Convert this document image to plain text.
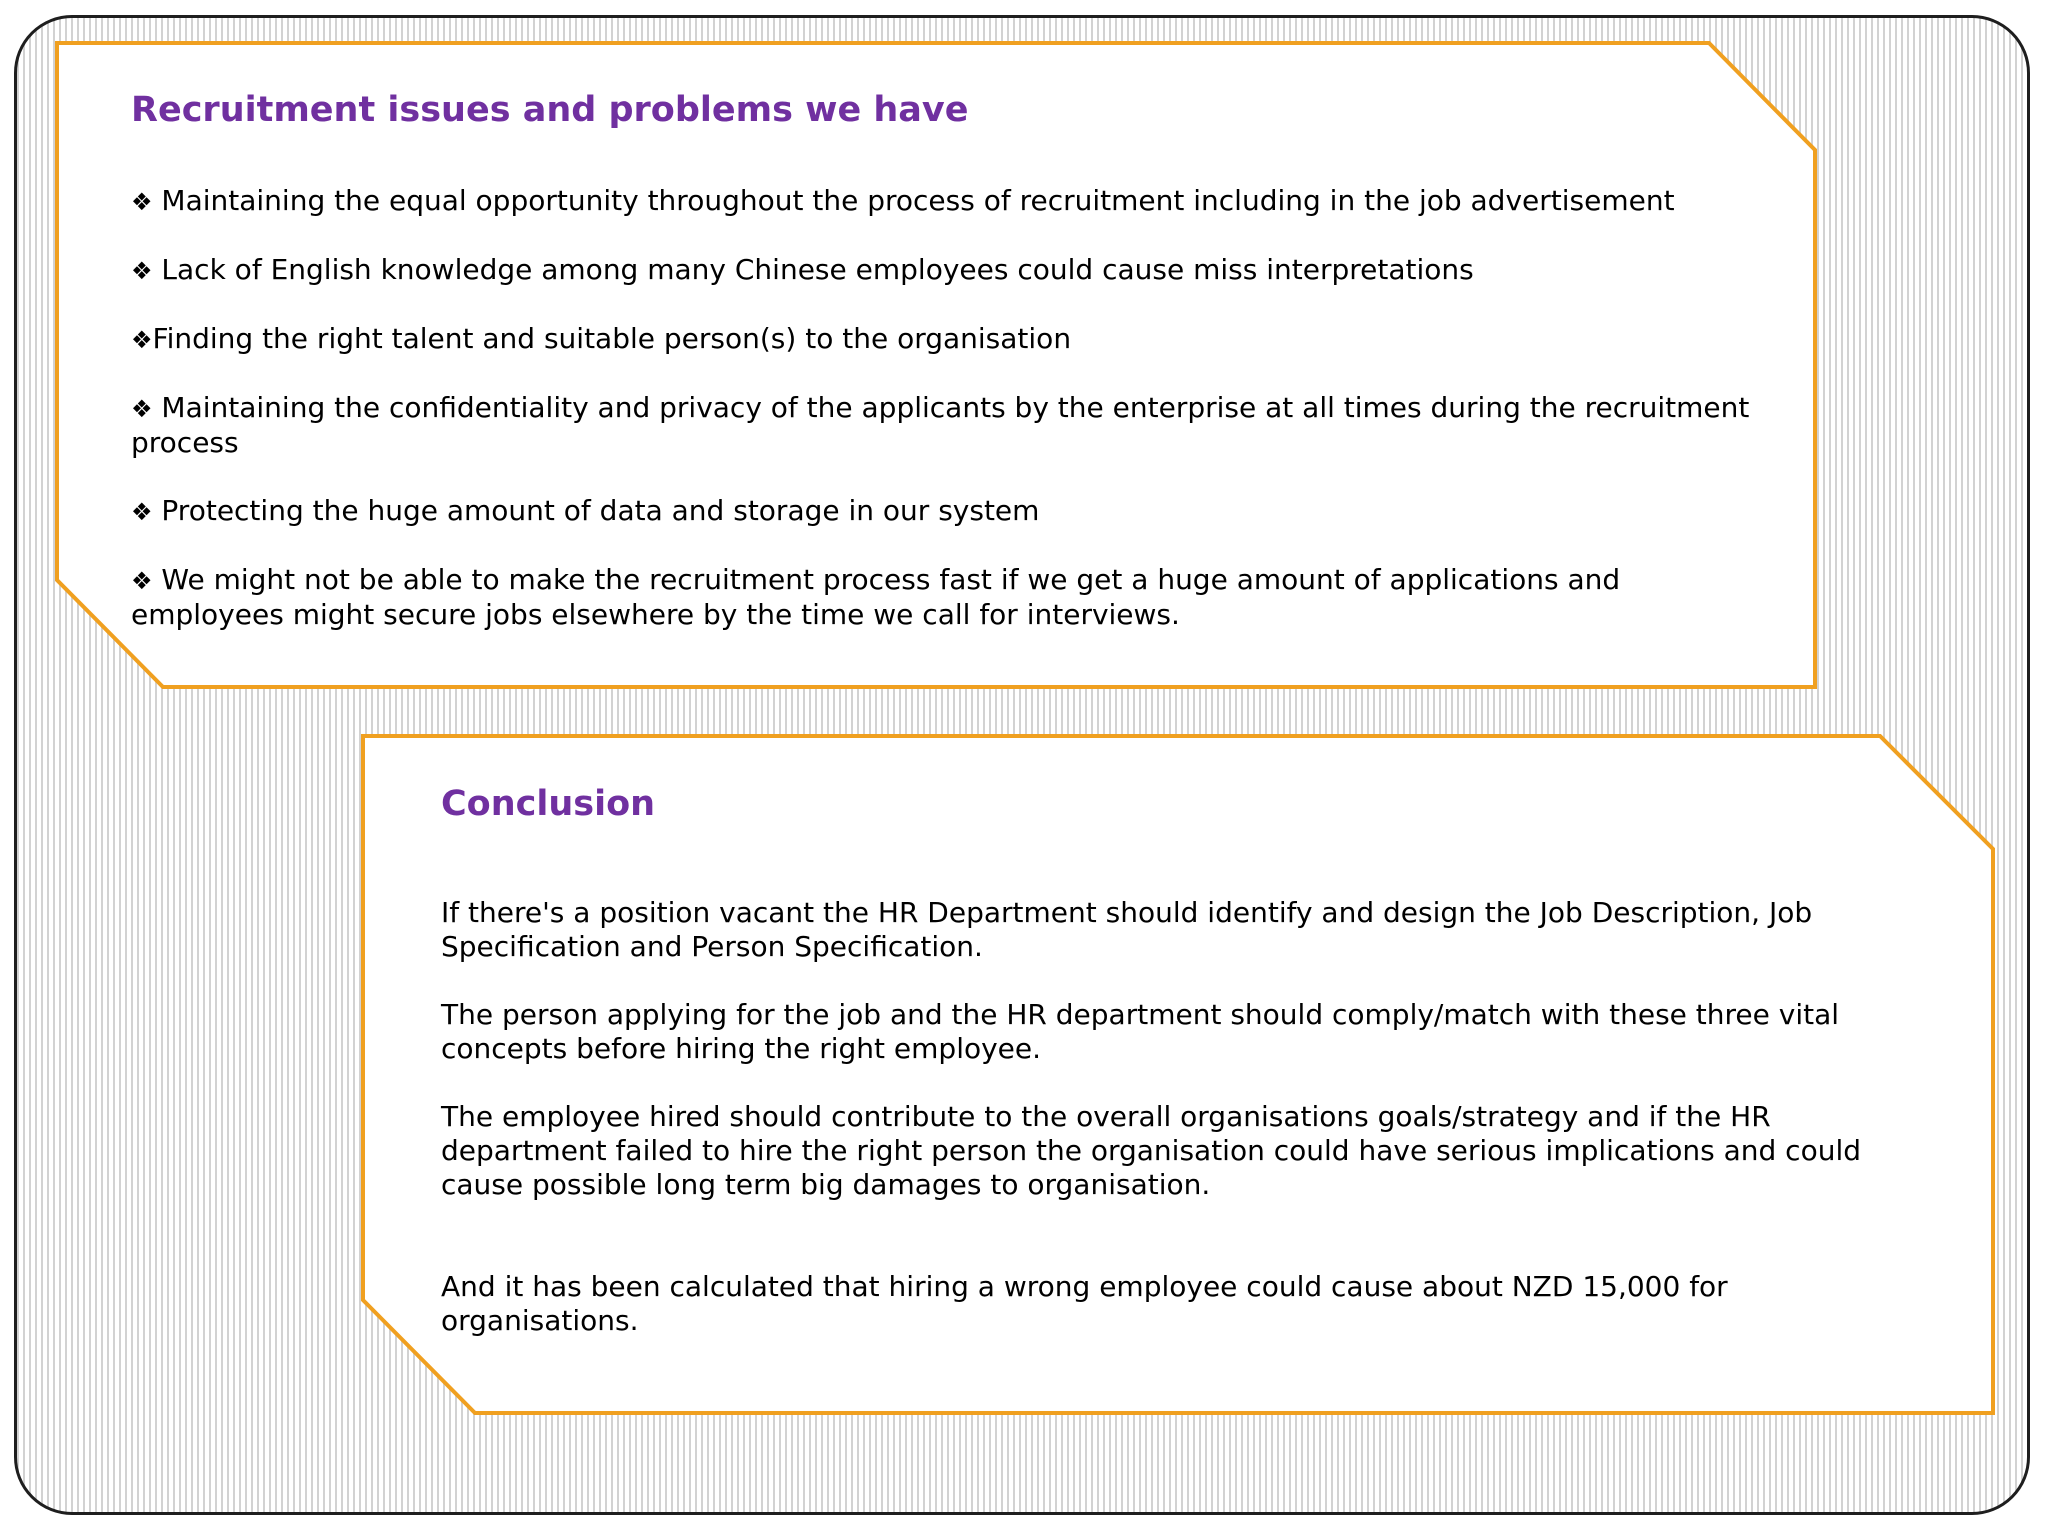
Recruitment issues and problems we have
❖ Maintaining the equal opportunity throughout the process of recruitment including in the job advertisement
❖ Lack of English knowledge among many Chinese employees could cause miss interpretations
❖Finding the right talent and suitable person(s) to the organisation
❖ Maintaining the confidentiality and privacy of the applicants by the enterprise at all times during the recruitment process
❖ Protecting the huge amount of data and storage in our system
❖ We might not be able to make the recruitment process fast if we get a huge amount of applications and employees might secure jobs elsewhere by the time we call for interviews.
Conclusion

If there's a position vacant the HR Department should identify and design the Job Description, Job Specification and Person Specification.

The person applying for the job and the HR department should comply/match with these three vital concepts before hiring the right employee.

The employee hired should contribute to the overall organisations goals/strategy and if the HR department failed to hire the right person the organisation could have serious implications and could cause possible long term big damages to organisation.

And it has been calculated that hiring a wrong employee could cause about NZD 15,000 for organisations.
